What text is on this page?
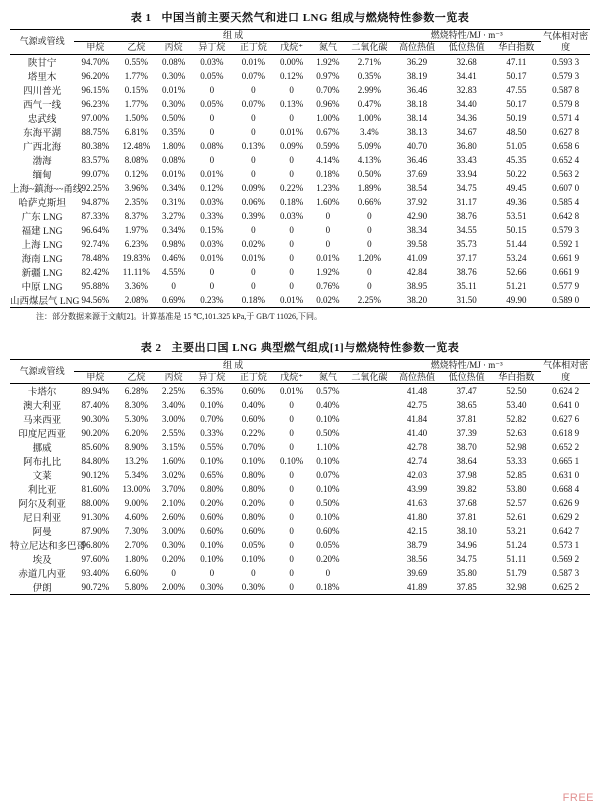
表 1 中国当前主要天然气和进口 LNG 组成与燃烧特性参数一览表
气源或管线	组 成								燃烧特性/MJ · m⁻³			气体相对密度
	甲烷	乙烷	丙烷	异丁烷	正丁烷	戊烷⁺	氮气	二氧化碳	高位热值	低位热值	华白指数	
陕甘宁	94.70%	0.55%	0.08%	0.03%	0.01%	0.00%	1.92%	2.71%	36.29	32.68	47.11	0.593 3
塔里木	96.20%	1.77%	0.30%	0.05%	0.07%	0.12%	0.97%	0.35%	38.19	34.41	50.17	0.579 3
四川普光	96.15%	0.15%	0.01%	0	0	0	0.70%	2.99%	36.46	32.83	47.55	0.587 8
西气一线	96.23%	1.77%	0.30%	0.05%	0.07%	0.13%	0.96%	0.47%	38.18	34.40	50.17	0.579 8
忠武线	97.00%	1.50%	0.50%	0	0	0	1.00%	1.00%	38.14	34.36	50.19	0.571 4
东海平湖	88.75%	6.81%	0.35%	0	0	0.01%	0.67%	3.4%	38.13	34.67	48.50	0.627 8
广西北海	80.38%	12.48%	1.80%	0.08%	0.13%	0.09%	0.59%	5.09%	40.70	36.80	51.05	0.658 6
渤海	83.57%	8.08%	0.08%	0	0	0	4.14%	4.13%	36.46	33.43	45.35	0.652 4
缅甸	99.07%	0.12%	0.01%	0.01%	0	0	0.18%	0.50%	37.69	33.94	50.22	0.563 2
上海~鎮海~~甬线	92.25%	3.96%	0.34%	0.12%	0.09%	0.22%	1.23%	1.89%	38.54	34.75	49.45	0.607 0
哈萨克斯坦	94.87%	2.35%	0.31%	0.03%	0.06%	0.18%	1.60%	0.66%	37.92	31.17	49.36	0.585 4
广东 LNG	87.33%	8.37%	3.27%	0.33%	0.39%	0.03%	0	0	42.90	38.76	53.51	0.642 8
福建 LNG	96.64%	1.97%	0.34%	0.15%	0	0	0	0	38.34	34.55	50.15	0.579 3
上海 LNG	92.74%	6.23%	0.98%	0.03%	0.02%	0	0	0	39.58	35.73	51.44	0.592 1
海南 LNG	78.48%	19.83%	0.46%	0.01%	0.01%	0	0.01%	1.20%	41.09	37.17	53.24	0.661 9
新疆 LNG	82.42%	11.11%	4.55%	0	0	0	1.92%	0	42.84	38.76	52.66	0.661 9
中原 LNG	95.88%	3.36%	0	0	0	0	0.76%	0	38.95	35.11	51.21	0.577 9
山西煤层气 LNG	94.56%	2.08%	0.69%	0.23%	0.18%	0.01%	0.02%	2.25%	38.20	31.50	49.90	0.589 0
注：部分数据来源于文献[2]。计算基准是 15 ℃,101.325 kPa,于 GB/T 11026,下同。
表 2 主要出口国 LNG 典型燃气组成[1]与燃烧特性参数一览表
气源或管线	组 成								燃烧特性/MJ · m⁻³			气体相对密度
	甲烷	乙烷	丙烷	异丁烷	正丁烷	戊烷⁺	氮气	二氧化碳	高位热值	低位热值	华白指数	
卡塔尔	89.94%	6.28%	2.25%	6.35%	0.60%	0.01%	0.57%		41.48	37.47	52.50	0.624 2
澳大利亚	87.40%	8.30%	3.40%	0.10%	0.40%	0	0.40%		42.75	38.65	53.40	0.641 0
马来西亚	90.30%	5.30%	3.00%	0.70%	0.60%	0	0.10%		41.84	37.81	52.82	0.627 6
印度尼西亚	90.20%	6.20%	2.55%	0.33%	0.22%	0	0.50%		41.40	37.39	52.63	0.618 9
挪威	85.60%	8.90%	3.15%	0.55%	0.70%	0	1.10%		42.78	38.70	52.98	0.652 2
阿布扎比	84.80%	13.2%	1.60%	0.10%	0.10%	0.10%	0.10%		42.74	38.64	53.33	0.665 1
文莱	90.12%	5.34%	3.02%	0.65%	0.80%	0	0.07%		42.03	37.98	52.85	0.631 0
利比亚	81.60%	13.00%	3.70%	0.80%	0.80%	0	0.10%		43.99	39.82	53.80	0.668 4
阿尔及利亚	88.00%	9.00%	2.10%	0.20%	0.20%	0	0.50%		41.63	37.68	52.57	0.626 9
尼日利亚	91.30%	4.60%	2.60%	0.60%	0.80%	0	0.10%		41.80	37.81	52.61	0.629 2
阿曼	87.90%	7.30%	3.00%	0.60%	0.60%	0	0.60%		42.15	38.10	53.21	0.642 7
特立尼达和多巴哥	96.80%	2.70%	0.30%	0.10%	0.05%	0	0.05%		38.79	34.96	51.24	0.573 1
埃及	97.60%	1.80%	0.20%	0.10%	0.10%	0	0.20%		38.56	34.75	51.11	0.569 2
赤道几内亚	93.40%	6.60%	0	0	0	0	0		39.69	35.80	51.79	0.587 3
伊朗	90.72%	5.80%	2.00%	0.30%	0.30%	0	0.18%		41.89	37.85	32.98	0.625 2
FREE
